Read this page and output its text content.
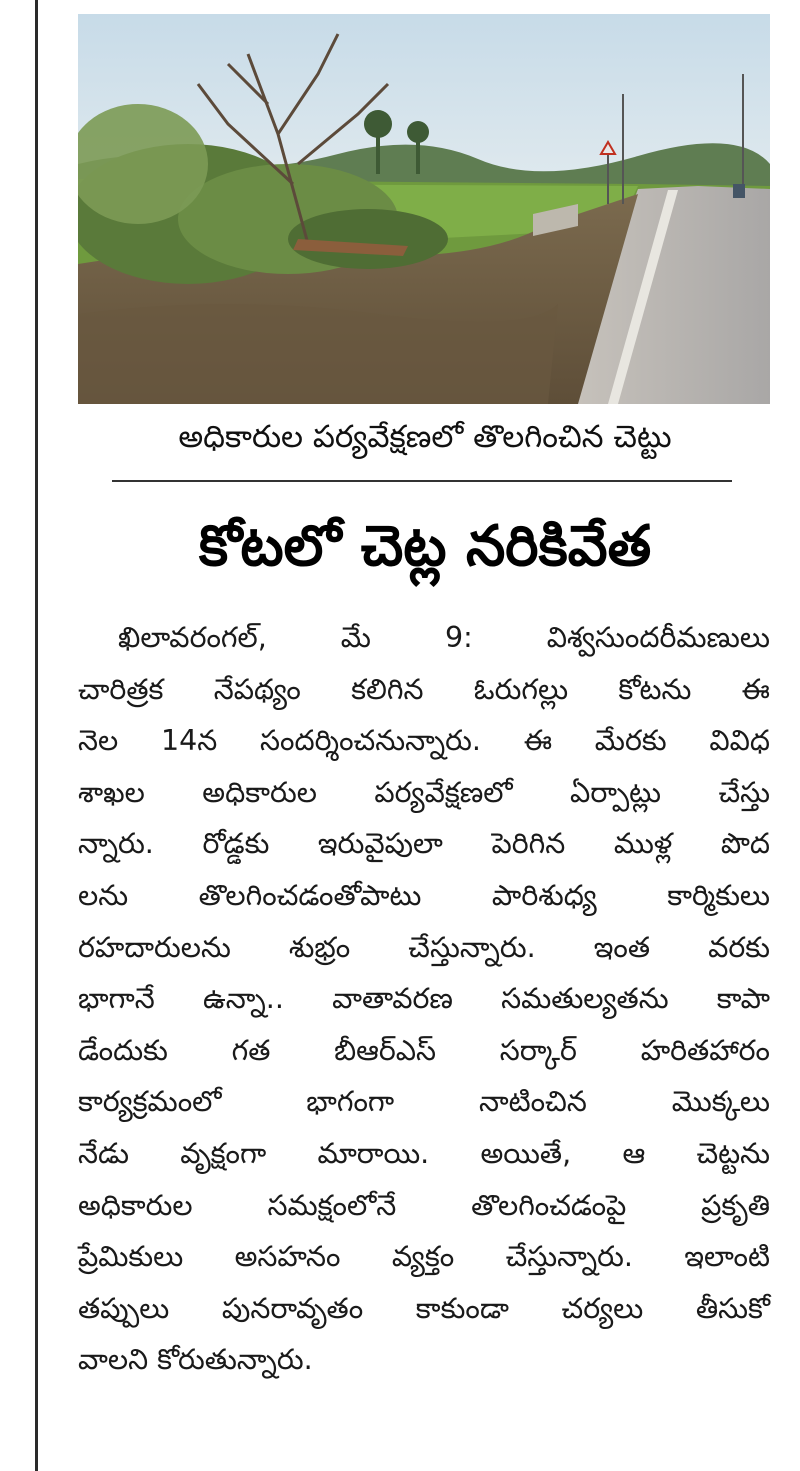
అధికారుల పర్యవేక్షణలో తొలగించిన చెట్టు
కోటలో చెట్ల నరికివేత
ఖిలావరంగల్, మే 9: విశ్వసుందరీమణులు
చారిత్రక నేపథ్యం కలిగిన ఓరుగల్లు కోటను ఈ
నెల 14న సందర్శించనున్నారు. ఈ మేరకు వివిధ
శాఖల అధికారుల పర్యవేక్షణలో ఏర్పాట్లు చేస్తు
న్నారు. రోడ్డకు ఇరువైపులా పెరిగిన ముళ్ల పొద
లను తొలగించడంతోపాటు పారిశుధ్య కార్మికులు
రహదారులను శుభ్రం చేస్తున్నారు. ఇంత వరకు
భాగానే ఉన్నా.. వాతావరణ సమతుల్యతను కాపా
డేందుకు గత బీఆర్ఎస్ సర్కార్ హరితహారం
కార్యక్రమంలో భాగంగా నాటించిన మొక్కలు
నేడు వృక్షంగా మారాయి. అయితే, ఆ చెట్టను
అధికారుల సమక్షంలోనే తొలగించడంపై ప్రకృతి
ప్రేమికులు అసహనం వ్యక్తం చేస్తున్నారు. ఇలాంటి
తప్పులు పునరావృతం కాకుండా చర్యలు తీసుకో
వాలని కోరుతున్నారు.
